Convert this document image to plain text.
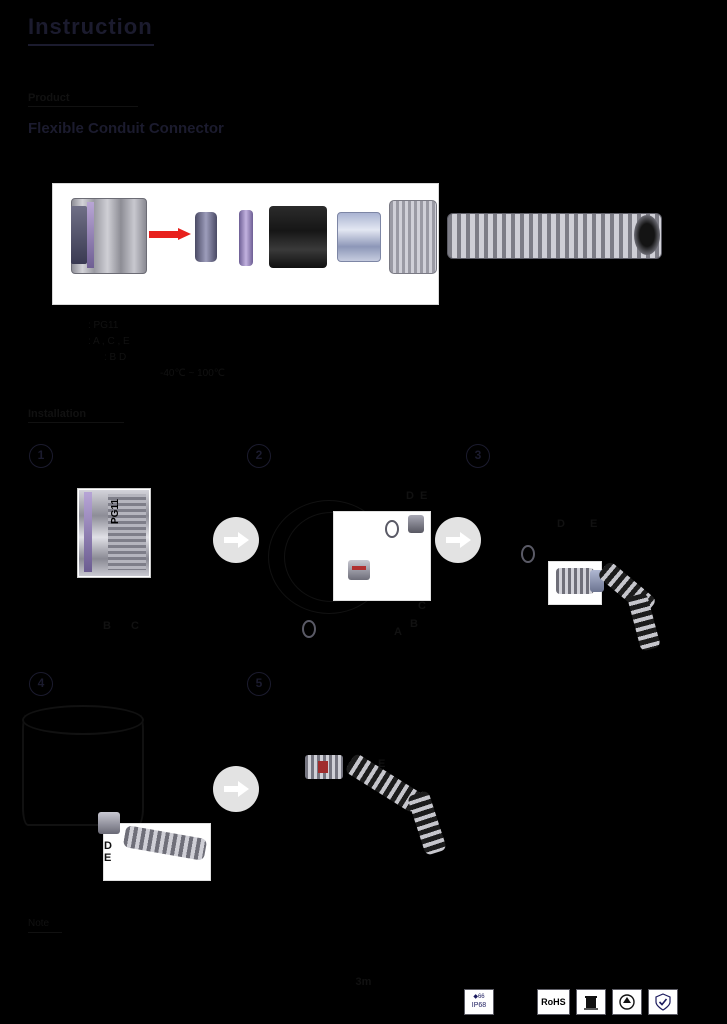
Instruction
Product
Flexible Conduit Connector
: PG11
: A , C , E
: B D
-40℃ ~ 100℃
Installation
1
PG11
B C
2
D E
A
B
C
3
D E
4
D
E
5
E
Note
3m
◆66
IP68 C ε	RoHS
